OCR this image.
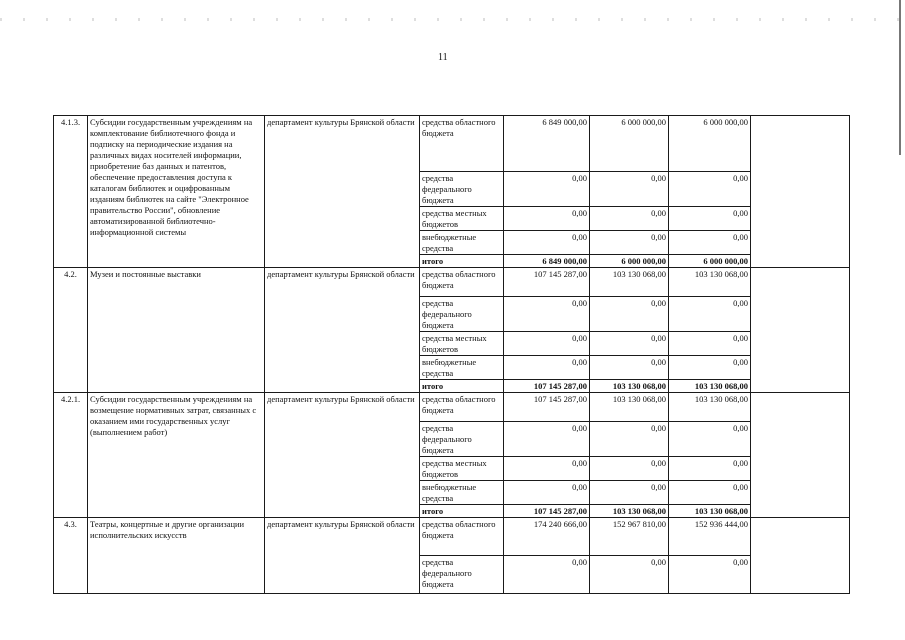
11
4.1.3.	Субсидии государственным учреждениям на комплектование библиотечного фонда и подписку на периодические издания на различных видах носителей информации, приобретение баз данных и патентов, обеспечение предоставления доступа к каталогам библиотек и оцифрованным изданиям библиотек на сайте "Электронное правительство России", обновление автоматизированной библиотечно-информационной системы	департамент культуры Брянской области	средства областного бюджета	6 849 000,00	6 000 000,00	6 000 000,00	
			средства федерального бюджета	0,00	0,00	0,00	
			средства местных бюджетов	0,00	0,00	0,00	
			внебюджетные средства	0,00	0,00	0,00	
			итого	6 849 000,00	6 000 000,00	6 000 000,00	
4.2.	Музеи и постоянные выставки	департамент культуры Брянской области	средства областного бюджета	107 145 287,00	103 130 068,00	103 130 068,00	
			средства федерального бюджета	0,00	0,00	0,00	
			средства местных бюджетов	0,00	0,00	0,00	
			внебюджетные средства	0,00	0,00	0,00	
			итого	107 145 287,00	103 130 068,00	103 130 068,00	
4.2.1.	Субсидии государственным учреждениям на возмещение нормативных затрат, связанных с оказанием ими государственных услуг (выполнением работ)	департамент культуры Брянской области	средства областного бюджета	107 145 287,00	103 130 068,00	103 130 068,00	
			средства федерального бюджета	0,00	0,00	0,00	
			средства местных бюджетов	0,00	0,00	0,00	
			внебюджетные средства	0,00	0,00	0,00	
			итого	107 145 287,00	103 130 068,00	103 130 068,00	
4.3.	Театры, концертные и другие организации исполнительских искусств	департамент культуры Брянской области	средства областного бюджета	174 240 666,00	152 967 810,00	152 936 444,00	
			средства федерального бюджета	0,00	0,00	0,00	
